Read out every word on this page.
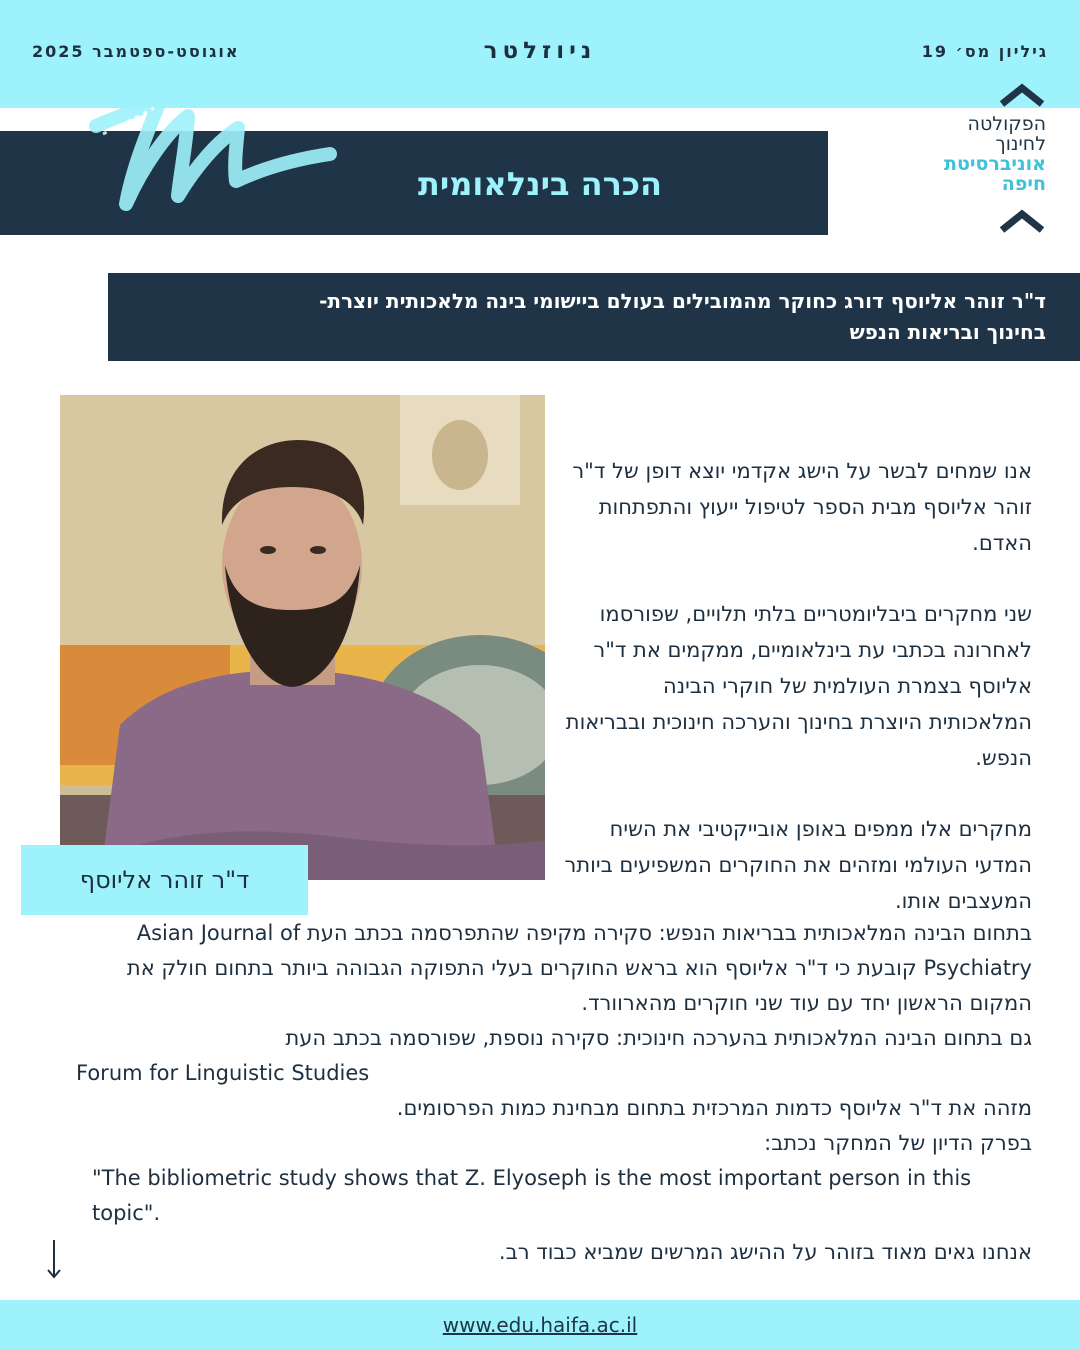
אוגוסט-ספטמבר 2025	ניוזלטר	גיליון מס׳ 19
הכרה בינלאומית
הפקולטה
לחינוך
אוניברסיטת
חיפה
ד"ר זוהר אליוסף דורג כחוקר מהמובילים בעולם ביישומי בינה מלאכותית יוצרת-
בחינוך ובריאות הנפש
ד"ר זוהר אליוסף

אנו שמחים לבשר על הישג אקדמי יוצא דופן של ד"ר זוהר אליוסף מבית הספר לטיפול ייעוץ והתפתחות האדם.

שני מחקרים ביבליומטריים בלתי תלויים, שפורסמו לאחרונה בכתבי עת בינלאומיים, ממקמים את ד"ר אליוסף בצמרת העולמית של חוקרי הבינה המלאכותית היוצרת בחינוך והערכה חינוכית ובבריאות הנפש.

מחקרים אלו ממפים באופן אובייקטיבי את השיח המדעי העולמי ומזהים את החוקרים המשפיעים ביותר המעצבים אותו.

בתחום הבינה המלאכותית בבריאות הנפש: סקירה מקיפה שהתפרסמה בכתב העת Asian Journal of Psychiatry קובעת כי ד"ר אליוסף הוא בראש החוקרים בעלי התפוקה הגבוהה ביותר בתחום חולק את המקום הראשון יחד עם עוד שני חוקרים מהארוורד.
גם בתחום הבינה המלאכותית בהערכה חינוכית: סקירה נוספת, שפורסמה בכתב העת
Forum for Linguistic Studies
מזהה את ד"ר אליוסף כדמות המרכזית בתחום מבחינת כמות הפרסומים.
בפרק הדיון של המחקר נכתב:
"The bibliometric study shows that Z. Elyoseph is the most important person in this topic".
אנחנו גאים מאוד בזוהר על ההישג המרשים שמביא כבוד רב.
www.edu.haifa.ac.il
